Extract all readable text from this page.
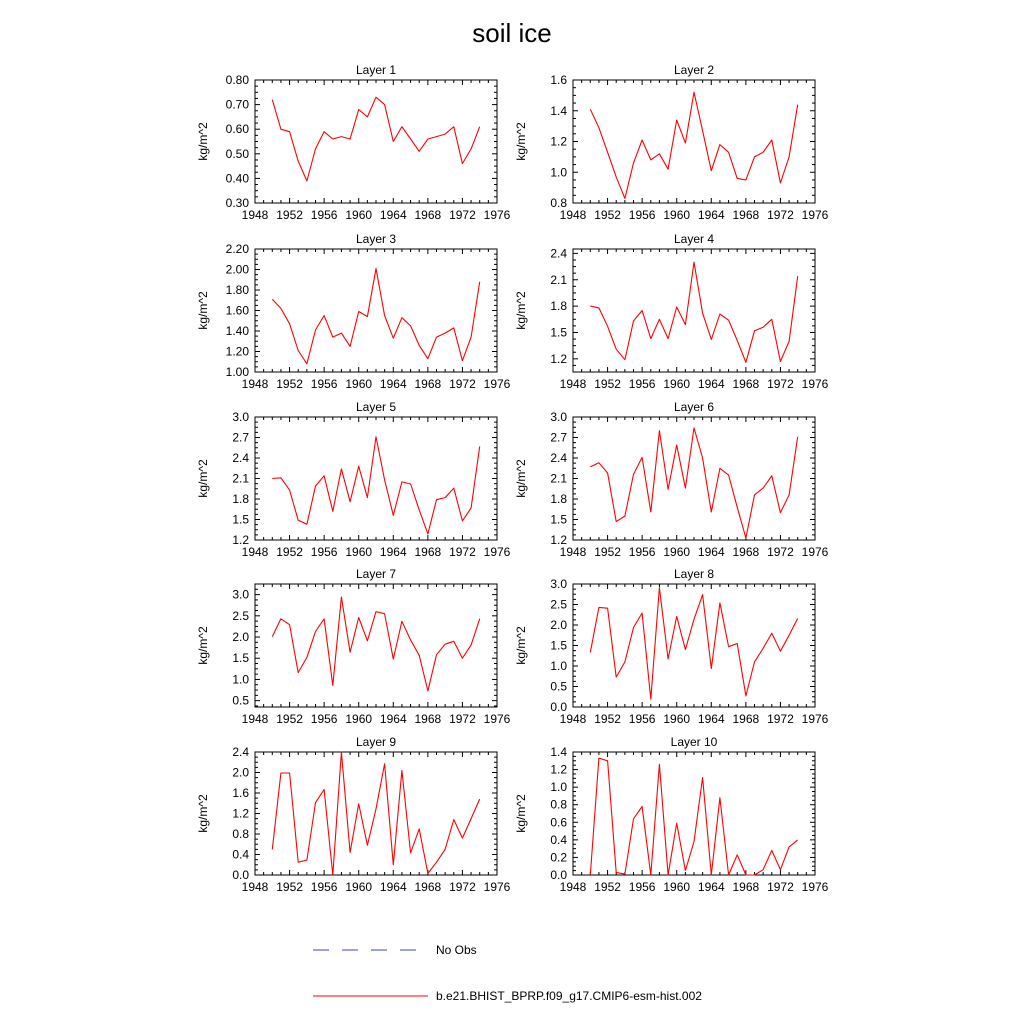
soil ice
Layer 1
kg/m^2
1948 1952 1956 1960 1964 1968 1972 1976
0.30
0.40
0.50
0.60
0.70
0.80
Layer 2
kg/m^2
1948 1952 1956 1960 1964 1968 1972 1976
0.8
1.0
1.2
1.4
1.6
Layer 3
kg/m^2
1948 1952 1956 1960 1964 1968 1972 1976
1.00
1.20
1.40
1.60
1.80
2.00
2.20
Layer 4
kg/m^2
1948 1952 1956 1960 1964 1968 1972 1976
1.2
1.5
1.8
2.1
2.4
Layer 5
kg/m^2
1948 1952 1956 1960 1964 1968 1972 1976
1.2
1.5
1.8
2.1
2.4
2.7
3.0
Layer 6
kg/m^2
1948 1952 1956 1960 1964 1968 1972 1976
1.2
1.5
1.8
2.1
2.4
2.7
3.0
Layer 7
kg/m^2
1948 1952 1956 1960 1964 1968 1972 1976
0.5
1.0
1.5
2.0
2.5
3.0
Layer 8
kg/m^2
1948 1952 1956 1960 1964 1968 1972 1976
0.0
0.5
1.0
1.5
2.0
2.5
3.0
Layer 9
kg/m^2
1948 1952 1956 1960 1964 1968 1972 1976
0.0
0.4
0.8
1.2
1.6
2.0
2.4
Layer 10
kg/m^2
1948 1952 1956 1960 1964 1968 1972 1976
0.0
0.2
0.4
0.6
0.8
1.0
1.2
1.4
No Obs
b.e21.BHIST_BPRP.f09_g17.CMIP6-esm-hist.002
